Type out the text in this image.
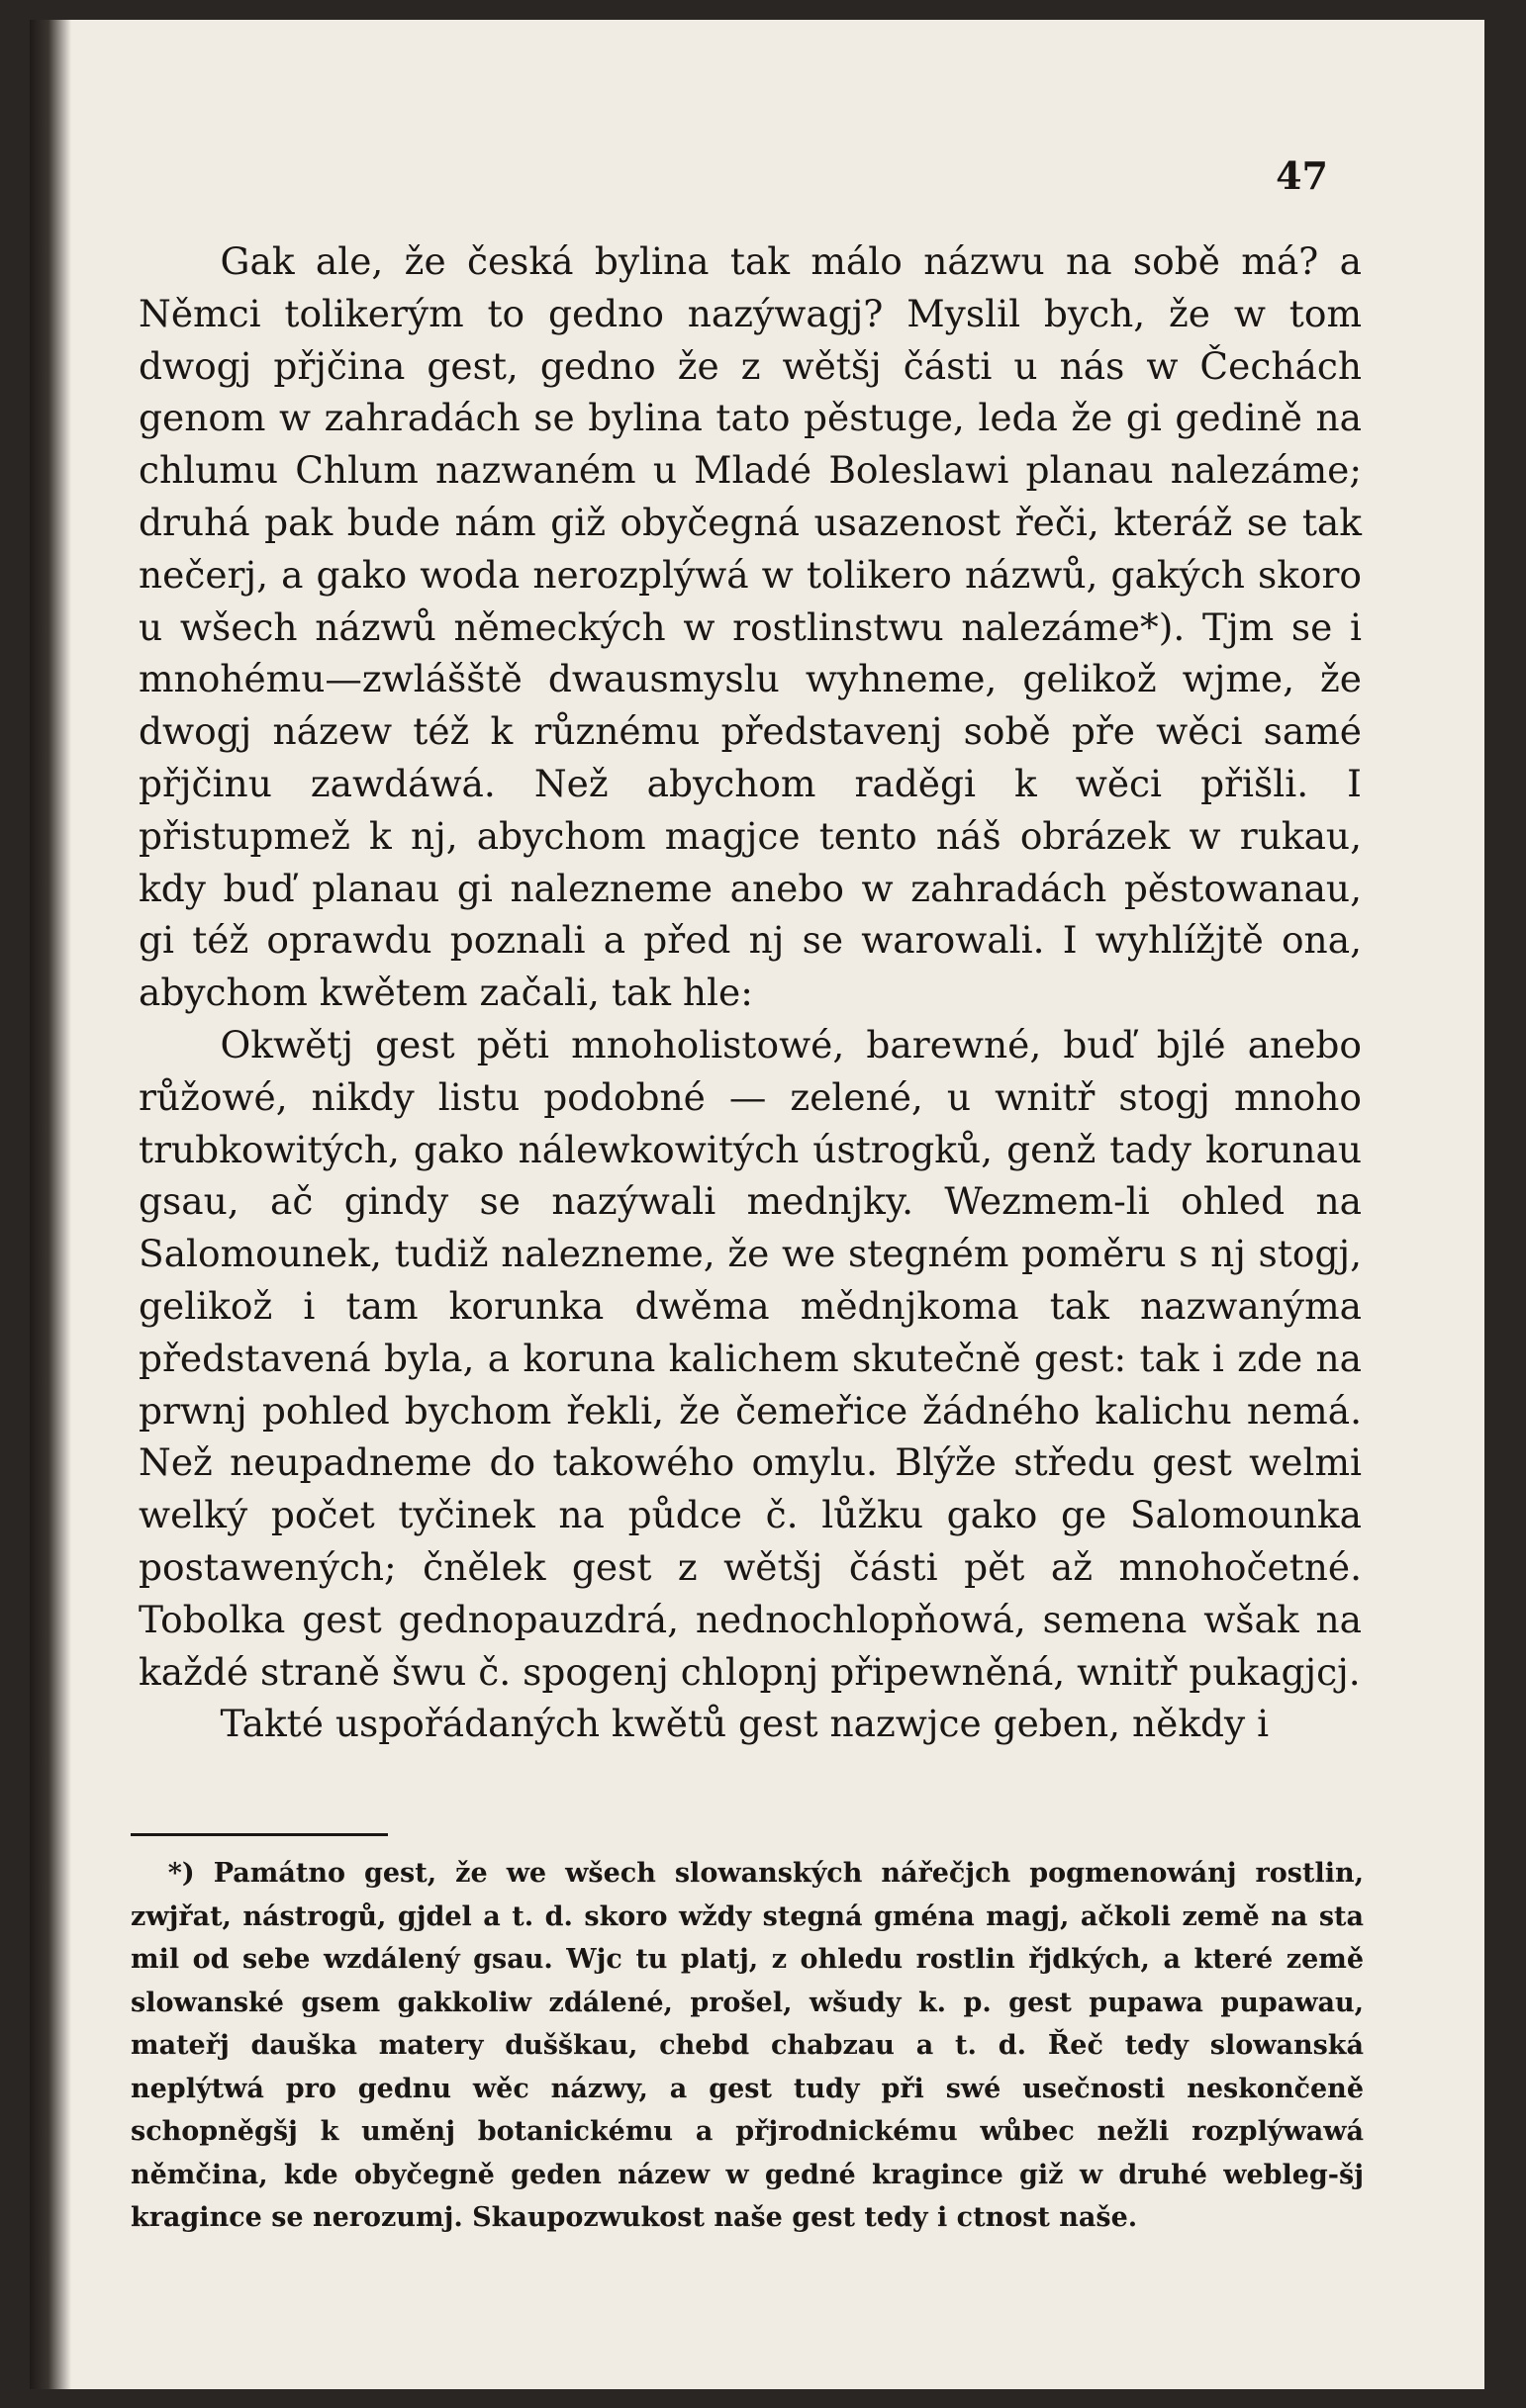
47

Gak ale, že česká bylina tak málo názwu na sobě má? a Němci tolikerým to gedno nazýwagj? Myslil bych, že w tom dwogj přjčina gest, gedno že z wětšj části u nás w Čechách genom w zahradách se bylina tato pěstuge, leda že gi gedině na chlumu Chlum nazwaném u Mladé Boleslawi planau nalezáme; druhá pak bude nám giž obyčegná usazenost řeči, kteráž se tak nečerj, a gako woda nerozplýwá w tolikero názwů, gakých skoro u wšech názwů německých w rostlinstwu nalezáme*). Tjm se i mnohému—zwlášště dwausmyslu wyhneme, gelikož wjme, že dwogj názew též k různému představenj sobě pře wěci samé přjčinu zawdáwá. Než abychom raděgi k wěci přišli. I přistupmež k nj, abychom magjce tento náš obrázek w rukau, kdy buď planau gi nalezneme anebo w zahradách pěstowanau, gi též oprawdu poznali a před nj se warowali. I wyhlížjtě ona, abychom kwětem začali, tak hle:

Okwětj gest pěti mnoholistowé, barewné, buď bjlé anebo růžowé, nikdy listu podobné — zelené, u wnitř stogj mnoho trubkowitých, gako nálewkowitých ústrogků, genž tady korunau gsau, ač gindy se nazýwali mednjky. Wezmem-li ohled na Salomounek, tudiž nalezneme, že we stegném poměru s nj stogj, gelikož i tam korunka dwěma mědnjkoma tak nazwanýma představená byla, a koruna kalichem skutečně gest: tak i zde na prwnj pohled bychom řekli, že čemeřice žádného kalichu nemá. Než neupadneme do takowého omylu. Blýže středu gest welmi welký počet tyčinek na půdce č. lůžku gako ge Salomounka postawených; čnělek gest z wětšj části pět až mnohočetné. Tobolka gest gednopauzdrá, nednochlopňowá, semena wšak na každé straně šwu č. spogenj chlopnj připewněná, wnitř pukagjcj.

Takté uspořádaných kwětů gest nazwjce geben, někdy i

*) Památno gest, že we wšech slowanských nářečjch pogmenowánj rostlin, zwjřat, nástrogů, gjdel a t. d. skoro wždy stegná gména magj, ačkoli země na sta mil od sebe wzdálený gsau. Wjc tu platj, z ohledu rostlin řjdkých, a které země slowanské gsem gakkoliw zdálené, prošel, wšudy k. p. gest pupawa pupawau, mateřj dauška matery dušškau, chebd chabzau a t. d. Řeč tedy slowanská neplýtwá pro gednu wěc názwy, a gest tudy při swé usečnosti neskončeně schopněgšj k uměnj botanickému a přjrodnickému wůbec nežli rozplýwawá němčina, kde obyčegně geden názew w gedné kragince giž w druhé webleg-šj kragince se nerozumj. Skaupozwukost naše gest tedy i ctnost naše.
